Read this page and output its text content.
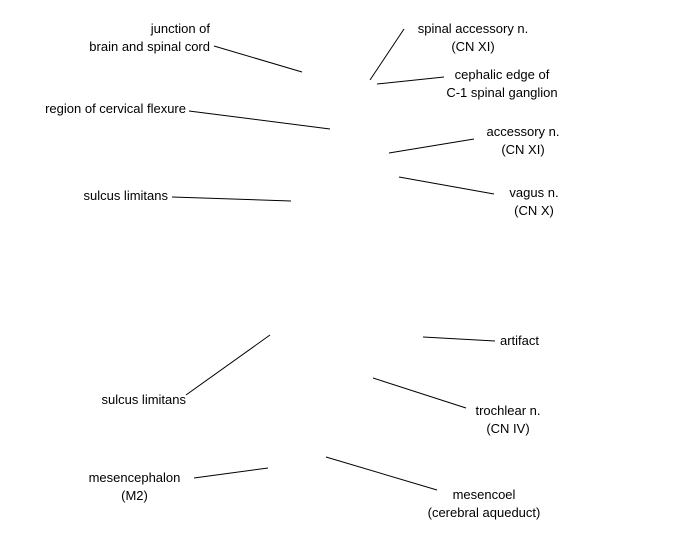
junction of
brain and spinal cord
region of cervical flexure
sulcus limitans
sulcus limitans
mesencephalon
(M2)
spinal accessory n.
(CN XI)
cephalic edge of
C-1 spinal ganglion
accessory n.
(CN XI)
vagus n.
(CN X)
artifact
trochlear n.
(CN IV)
mesencoel
(cerebral aqueduct)
